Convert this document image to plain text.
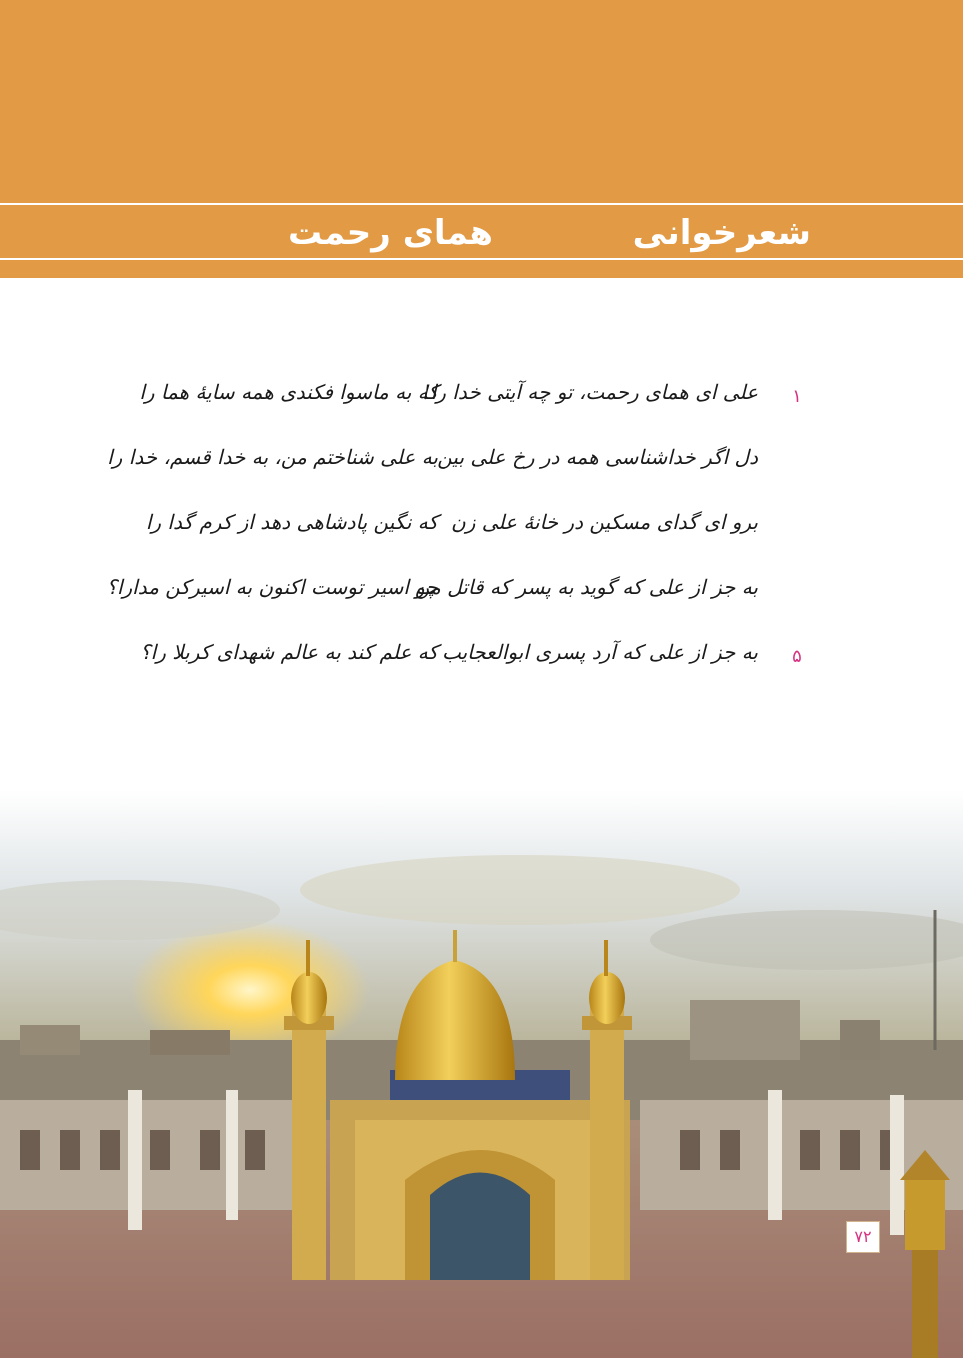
شعرخوانی
همای رحمت
۱
علی ای همای رحمت، تو چه آیتی خدا را!
که به ماسوا فکندی همه سایهٔ هما را
دل اگر خداشناسی همه در رخ علی بین
به علی شناختم من، به خدا قسم، خدا را
برو ای گدای مسکین در خانهٔ علی زن
که نگین پادشاهی دهد از کرم گدا را
به جز از علی که گوید به پسر که قاتل من
چو اسیر توست اکنون به اسیرکن مدارا؟
۵
به جز از علی که آرد پسری ابوالعجایب
که علم کند به عالم شهدای کربلا را؟
۷۲
